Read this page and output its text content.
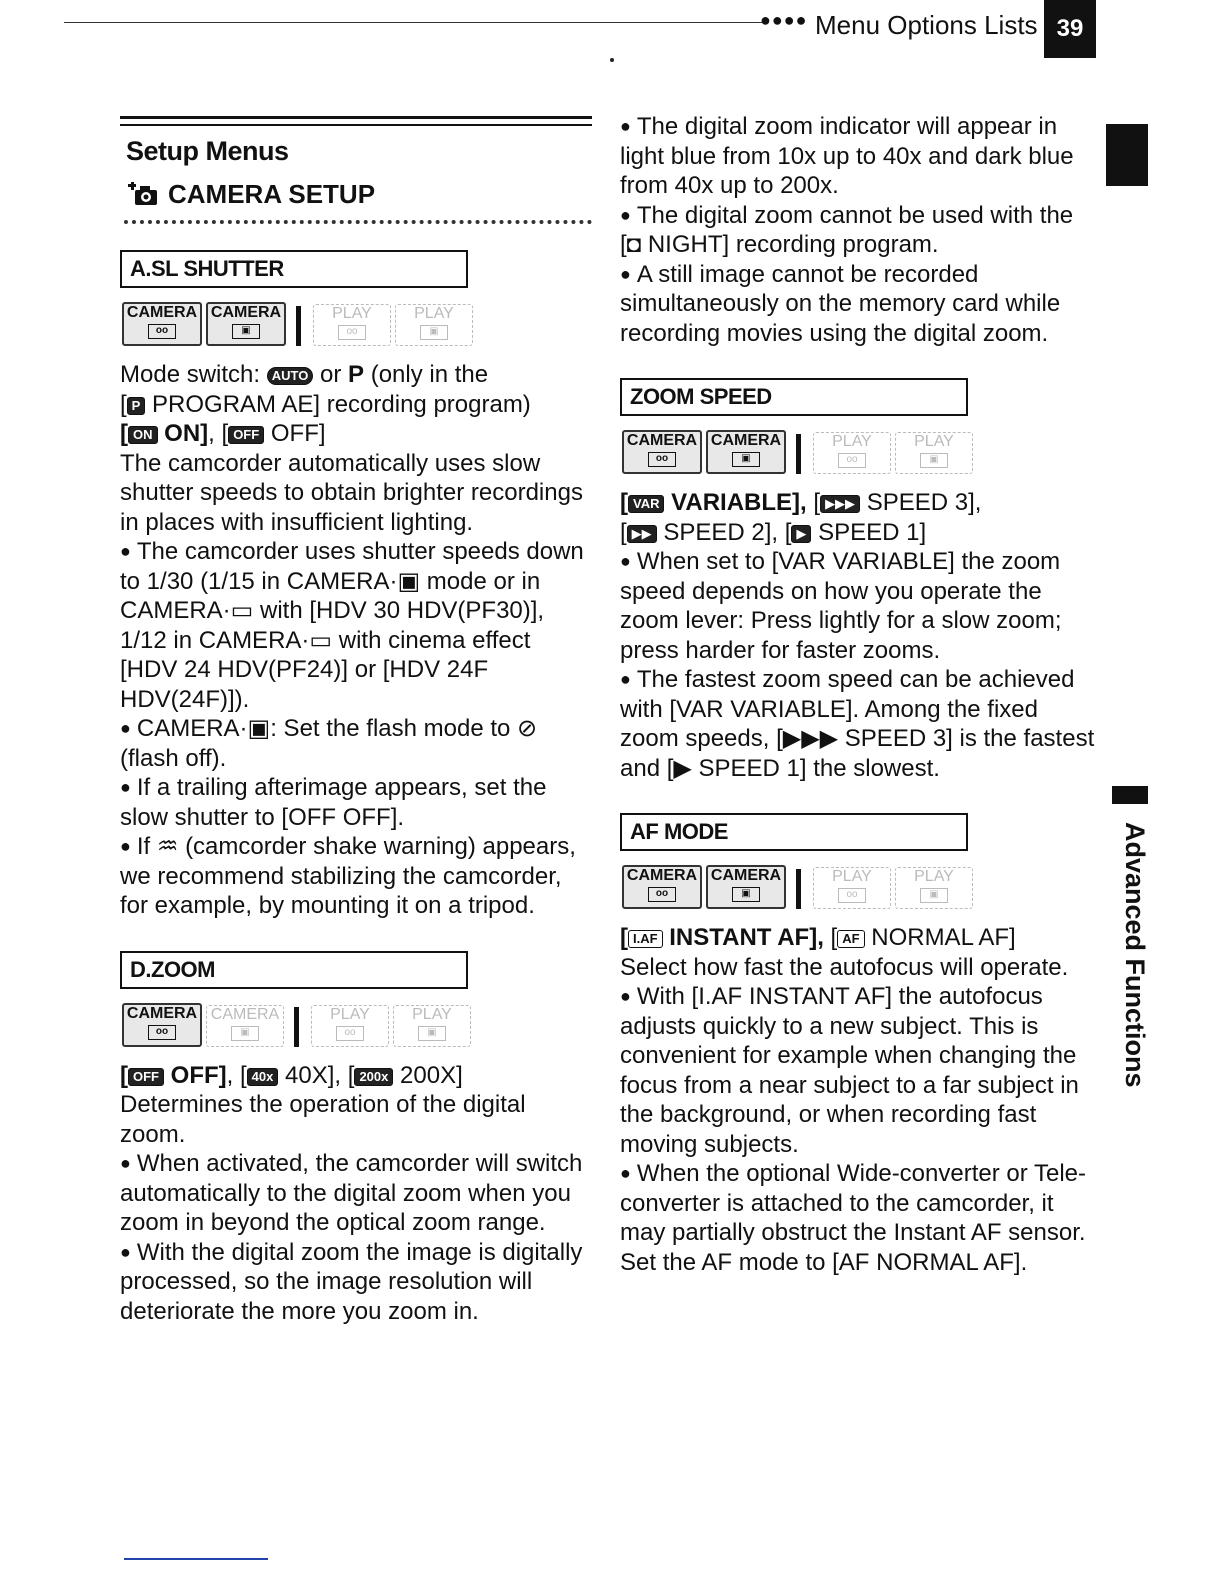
●●●● Menu Options Lists 39
Advanced Functions
Setup Menus
CAMERA SETUP
A.SL SHUTTER
CAMERA
oo
CAMERA
▣
PLAY
oo
PLAY
▣

Mode switch: AUTO or P (only in the

[ P PROGRAM AE] recording program)

[ ON ON], [ OFF OFF]

The camcorder automatically uses slow shutter speeds to obtain brighter recordings in places with insufficient lighting.

● The camcorder uses shutter speeds down to 1/30 (1/15 in CAMERA·▣ mode or in CAMERA·▭ with [HDV 30 HDV(PF30)], 1/12 in CAMERA·▭ with cinema effect [HDV 24 HDV(PF24)] or [HDV 24F HDV(24F)]).

● CAMERA·▣: Set the flash mode to ⊘ (flash off).

● If a trailing afterimage appears, set the slow shutter to [OFF OFF].

● If ♒ (camcorder shake warning) appears, we recommend stabilizing the camcorder, for example, by mounting it on a tripod.

D.ZOOM
CAMERA
oo
CAMERA
▣
PLAY
oo
PLAY
▣

[ OFF OFF], [ 40x 40X], [ 200x 200X]

Determines the operation of the digital zoom.

● When activated, the camcorder will switch automatically to the digital zoom when you zoom in beyond the optical zoom range.

● With the digital zoom the image is digitally processed, so the image resolution will deteriorate the more you zoom in.

● The digital zoom indicator will appear in light blue from 10x up to 40x and dark blue from 40x up to 200x.

● The digital zoom cannot be used with the [◘ NIGHT] recording program.

● A still image cannot be recorded simultaneously on the memory card while recording movies using the digital zoom.

ZOOM SPEED
CAMERA
oo
CAMERA
▣
PLAY
oo
PLAY
▣

[ VAR VARIABLE], [ ▶▶▶ SPEED 3],

[ ▶▶ SPEED 2], [ ▶ SPEED 1]

● When set to [VAR VARIABLE] the zoom speed depends on how you operate the zoom lever: Press lightly for a slow zoom; press harder for faster zooms.

● The fastest zoom speed can be achieved with [VAR VARIABLE]. Among the fixed zoom speeds, [▶▶▶ SPEED 3] is the fastest and [▶ SPEED 1] the slowest.

AF MODE
CAMERA
oo
CAMERA
▣
PLAY
oo
PLAY
▣

[ I.AF INSTANT AF], [ AF NORMAL AF]

Select how fast the autofocus will operate.

● With [I.AF INSTANT AF] the autofocus adjusts quickly to a new subject. This is convenient for example when changing the focus from a near subject to a far subject in the background, or when recording fast moving subjects.

● When the optional Wide-converter or Tele-converter is attached to the camcorder, it may partially obstruct the Instant AF sensor. Set the AF mode to [AF NORMAL AF].
